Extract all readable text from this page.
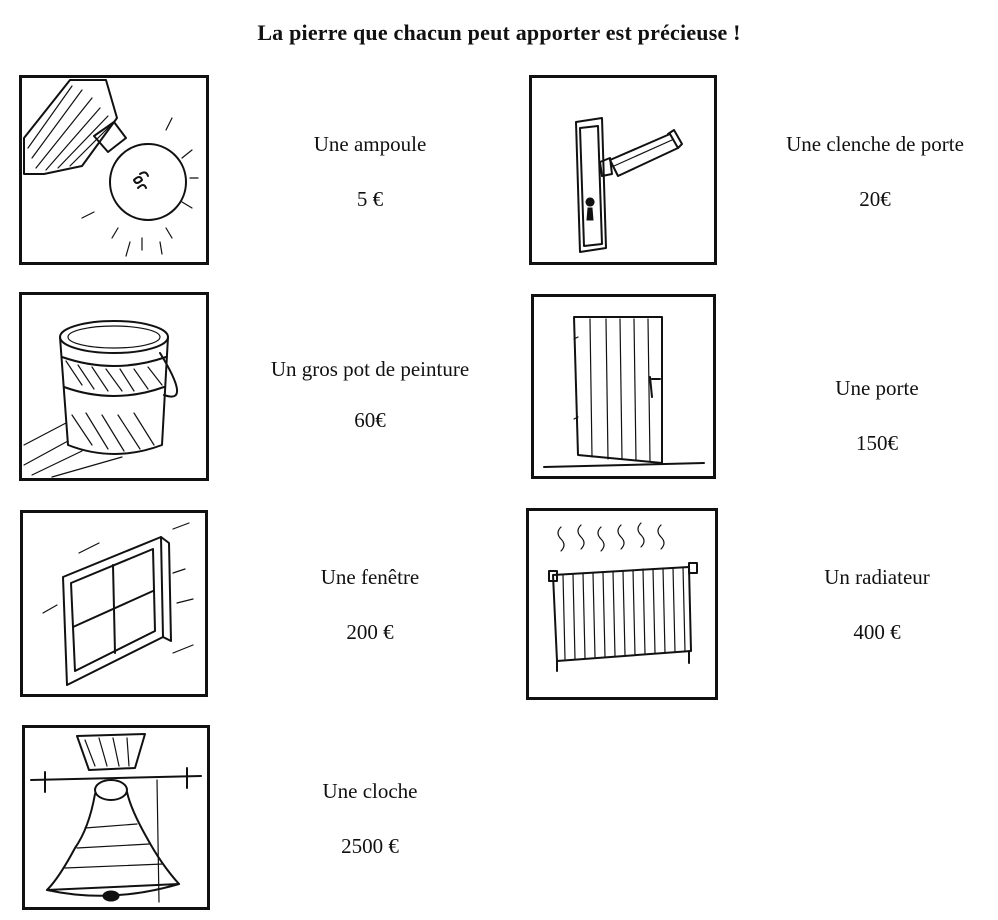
La pierre que chacun peut apporter est précieuse !
Une ampoule
5 €
Une clenche de porte
20€
Un gros pot de peinture
60€
Une porte
150€
Une fenêtre
200 €
Un radiateur
400 €
Une cloche
2500 €
